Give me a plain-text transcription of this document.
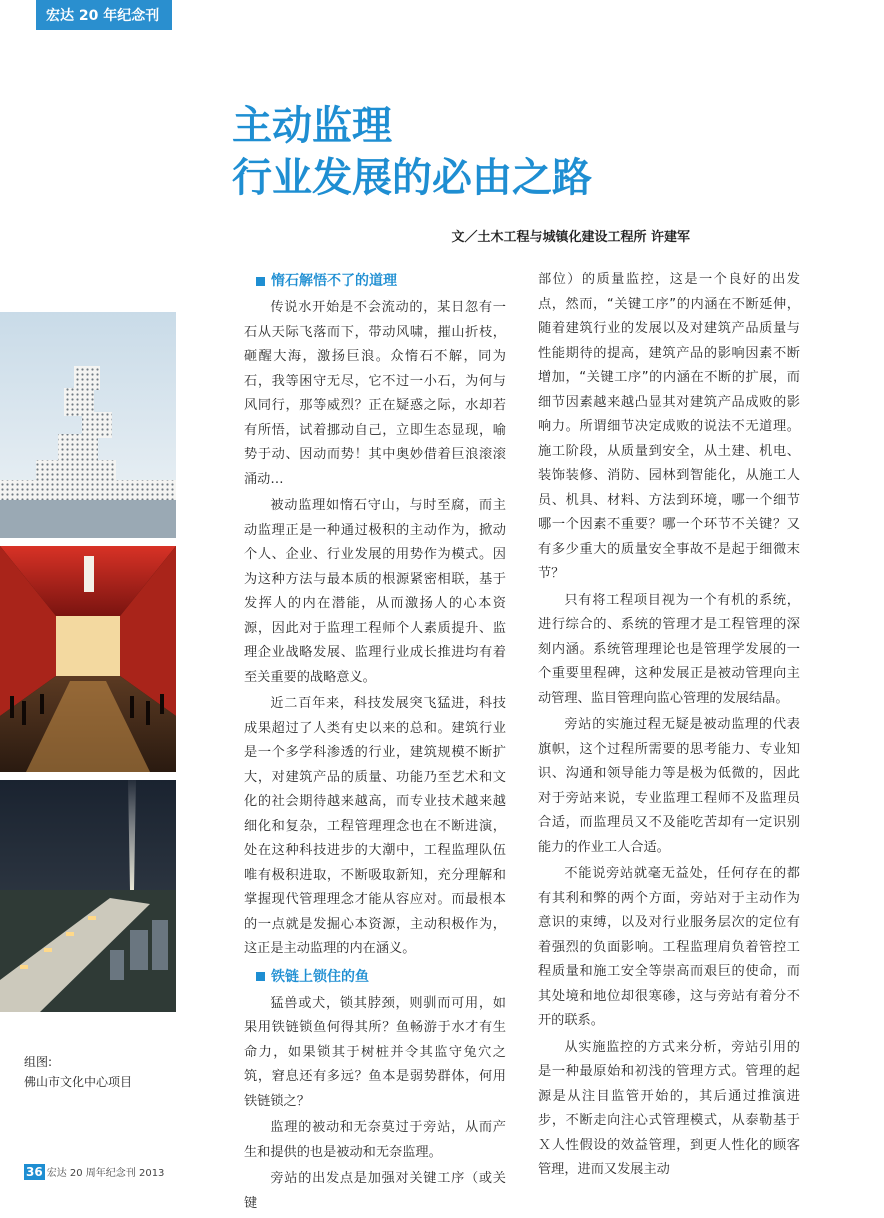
宏达 20 年纪念刊
主动监理
行业发展的必由之路
文／土木工程与城镇化建设工程所 许建军
组图:
佛山市文化中心项目
惰石解悟不了的道理

传说水开始是不会流动的，某日忽有一石从天际飞落而下，带动风啸，摧山折枝，砸醒大海，激扬巨浪。众惰石不解，同为石，我等困守无尽，它不过一小石，为何与风同行，那等威烈？正在疑惑之际，水却若有所悟，试着挪动自己，立即生态显现，喻势于动、因动而势！其中奥妙借着巨浪滚滚涌动…

被动监理如惰石守山，与时至腐，而主动监理正是一种通过极积的主动作为，掀动个人、企业、行业发展的用势作为模式。因为这种方法与最本质的根源紧密相联，基于发挥人的内在潜能，从而激扬人的心本资源，因此对于监理工程师个人素质提升、监理企业战略发展、监理行业成长推进均有着至关重要的战略意义。

近二百年来，科技发展突飞猛进，科技成果超过了人类有史以来的总和。建筑行业是一个多学科渗透的行业，建筑规模不断扩大，对建筑产品的质量、功能乃至艺术和文化的社会期待越来越高，而专业技术越来越细化和复杂，工程管理理念也在不断进演，处在这种科技进步的大潮中，工程监理队伍唯有极积进取，不断吸取新知，充分理解和掌握现代管理理念才能从容应对。而最根本的一点就是发掘心本资源，主动积极作为，这正是主动监理的内在涵义。

铁链上锁住的鱼

猛兽或犬，锁其脖颈，则驯而可用，如果用铁链锁鱼何得其所？鱼畅游于水才有生命力，如果锁其于树桩并令其监守兔穴之筑，窘息还有多远？鱼本是弱势群体，何用铁链锁之？

监理的被动和无奈莫过于旁站，从而产生和提供的也是被动和无奈监理。

旁站的出发点是加强对关键工序（或关键

部位）的质量监控，这是一个良好的出发点，然而，“关键工序”的内涵在不断延伸，随着建筑行业的发展以及对建筑产品质量与性能期待的提高，建筑产品的影响因素不断增加，“关键工序”的内涵在不断的扩展，而细节因素越来越凸显其对建筑产品成败的影响力。所谓细节决定成败的说法不无道理。施工阶段，从质量到安全，从土建、机电、装饰装修、消防、园林到智能化，从施工人员、机具、材料、方法到环境，哪一个细节哪一个因素不重要？哪一个环节不关键？又有多少重大的质量安全事故不是起于细微末节？

只有将工程项目视为一个有机的系统，进行综合的、系统的管理才是工程管理的深刻内涵。系统管理理论也是管理学发展的一个重要里程碑，这种发展正是被动管理向主动管理、监目管理向监心管理的发展结晶。

旁站的实施过程无疑是被动监理的代表旗帜，这个过程所需要的思考能力、专业知识、沟通和领导能力等是极为低微的，因此对于旁站来说，专业监理工程师不及监理员合适，而监理员又不及能吃苦却有一定识别能力的作业工人合适。

不能说旁站就毫无益处，任何存在的都有其利和弊的两个方面，旁站对于主动作为意识的束缚，以及对行业服务层次的定位有着强烈的负面影响。工程监理肩负着管控工程质量和施工安全等崇高而艰巨的使命，而其处境和地位却很寒碜，这与旁站有着分不开的联系。

从实施监控的方式来分析，旁站引用的是一种最原始和初浅的管理方式。管理的起源是从注目监管开始的，其后通过推演进步，不断走向注心式管理模式，从泰勒基于Ｘ人性假设的效益管理，到更人性化的顾客管理，进而又发展主动

36 宏达 20 周年纪念刊 2013
